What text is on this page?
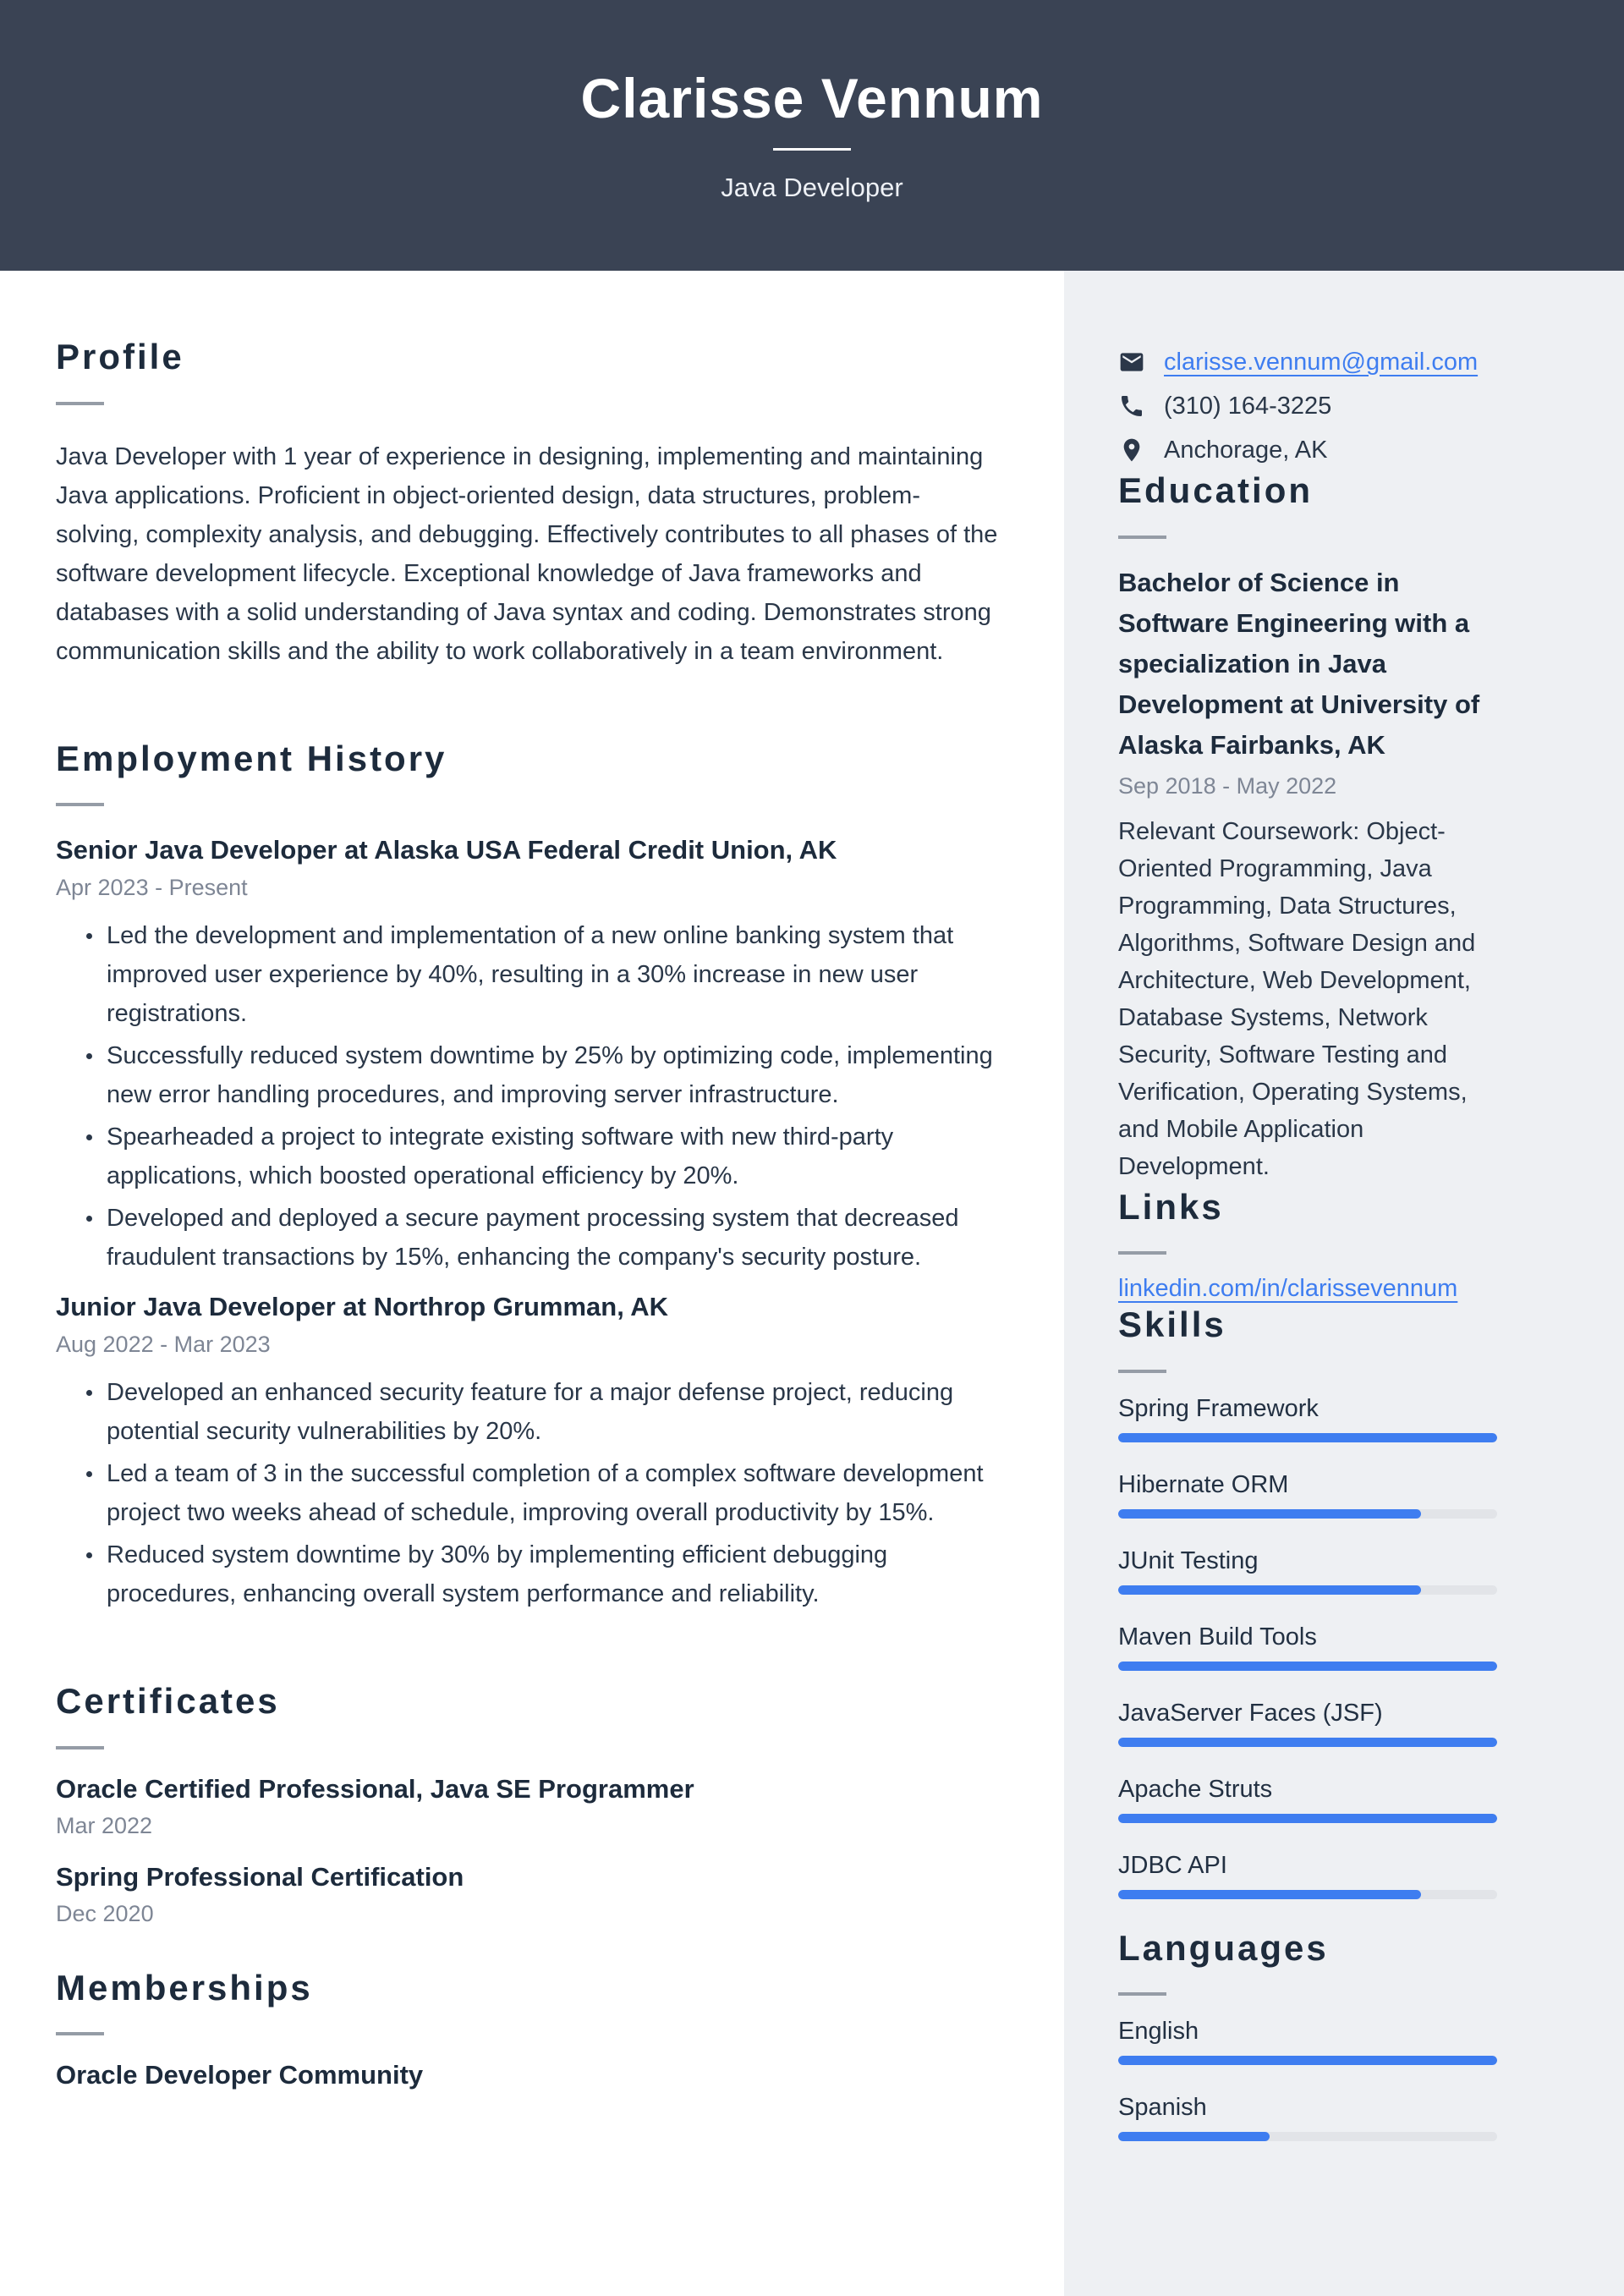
Clarisse Vennum
Java Developer
Profile
Java Developer with 1 year of experience in designing, implementing and maintaining Java applications. Proficient in object-oriented design, data structures, problem-solving, complexity analysis, and debugging. Effectively contributes to all phases of the software development lifecycle. Exceptional knowledge of Java frameworks and databases with a solid understanding of Java syntax and coding. Demonstrates strong communication skills and the ability to work collaboratively in a team environment.
Employment History
Senior Java Developer at Alaska USA Federal Credit Union, AK
Apr 2023 - Present
Led the development and implementation of a new online banking system that improved user experience by 40%, resulting in a 30% increase in new user registrations.
Successfully reduced system downtime by 25% by optimizing code, implementing new error handling procedures, and improving server infrastructure.
Spearheaded a project to integrate existing software with new third-party applications, which boosted operational efficiency by 20%.
Developed and deployed a secure payment processing system that decreased fraudulent transactions by 15%, enhancing the company's security posture.
Junior Java Developer at Northrop Grumman, AK
Aug 2022 - Mar 2023
Developed an enhanced security feature for a major defense project, reducing potential security vulnerabilities by 20%.
Led a team of 3 in the successful completion of a complex software development project two weeks ahead of schedule, improving overall productivity by 15%.
Reduced system downtime by 30% by implementing efficient debugging procedures, enhancing overall system performance and reliability.
Certificates
Oracle Certified Professional, Java SE Programmer
Mar 2022
Spring Professional Certification
Dec 2020
Memberships
Oracle Developer Community
clarisse.vennum@gmail.com
(310) 164-3225
Anchorage, AK
Education
Bachelor of Science in Software Engineering with a specialization in Java Development at University of Alaska Fairbanks, AK
Sep 2018 - May 2022
Relevant Coursework: Object-Oriented Programming, Java Programming, Data Structures, Algorithms, Software Design and Architecture, Web Development, Database Systems, Network Security, Software Testing and Verification, Operating Systems, and Mobile Application Development.
Links
linkedin.com/in/clarissevennum
Skills
Spring Framework
Hibernate ORM
JUnit Testing
Maven Build Tools
JavaServer Faces (JSF)
Apache Struts
JDBC API
Languages
English
Spanish
